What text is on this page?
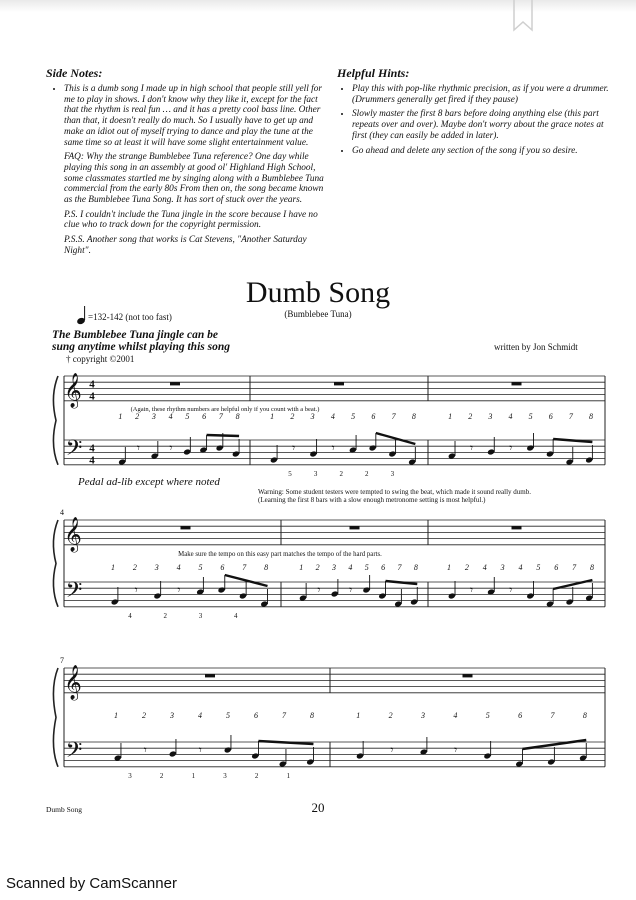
Side Notes:
• This is a dumb song I made up in high school that people still yell for me to play in shows. I don't know why they like it, except for the fact that the rhythm is real fun … and it has a pretty cool bass line. Other than that, it doesn't really do much. So I usually have to get up and make an idiot out of myself trying to dance and play the tune at the same time so at least it will have some slight entertainment value.

FAQ: Why the strange Bumblebee Tuna reference? One day while playing this song in an assembly at good ol' Highland High School, some classmates startled me by singing along with a Bumblebee Tuna commercial from the early 80s From then on, the song became known as the Bumblebee Tuna Song. It has sort of stuck over the years.

P.S. I couldn't include the Tuna jingle in the score because I have no clue who to track down for the copyright permission.

P.S.S. Another song that works is Cat Stevens, "Another Saturday Night".

Helpful Hints:
• Play this with pop-like rhythmic precision, as if you were a drummer. (Drummers generally get fired if they pause)
• Slowly master the first 8 bars before doing anything else (this part repeats over and over). Maybe don't worry about the grace notes at first (they can easily be added in later).
• Go ahead and delete any section of the song if you so desire.
Dumb Song
(Bumblebee Tuna)
=132-142 (not too fast)
The Bumblebee Tuna jingle can be
sung anytime whilst playing this song
† copyright ©2001
written by Jon Schmidt
𝄞
𝄢
4
4
4
4
1 2 3 4 5 6 7 8
𝄾 𝄾
1 2 3 4 5 6 7 8
𝄾	𝄾
5	3	2	2	3
1 2 3 4 5 6 7 8
𝄾	𝄾
𝄞
𝄢
4
1 2 3 4 5 6 7 8
𝄾	𝄾
4	2	3	4
1 2 3 4 5 6 7 8
𝄾 𝄾
1 2 4 3 4 5 6 7 8
𝄾	𝄾
𝄞
𝄢
7
1	2	3	4	5	6	7	8
𝄾	𝄾
3	2	1	3	2	1
1	2	3	4	5	6	7	8
𝄾	𝄾
(Again, these rhythm numbers are helpful only if you count with a beat.)
Make sure the tempo on this easy part matches the tempo of the hard parts.
Pedal ad-lib except where noted
Warning: Some student testers were tempted to swing the beat, which made it sound really dumb.
(Learning the first 8 bars with a slow enough metronome setting is most helpful.)
Dumb Song	20
Scanned by CamScanner
